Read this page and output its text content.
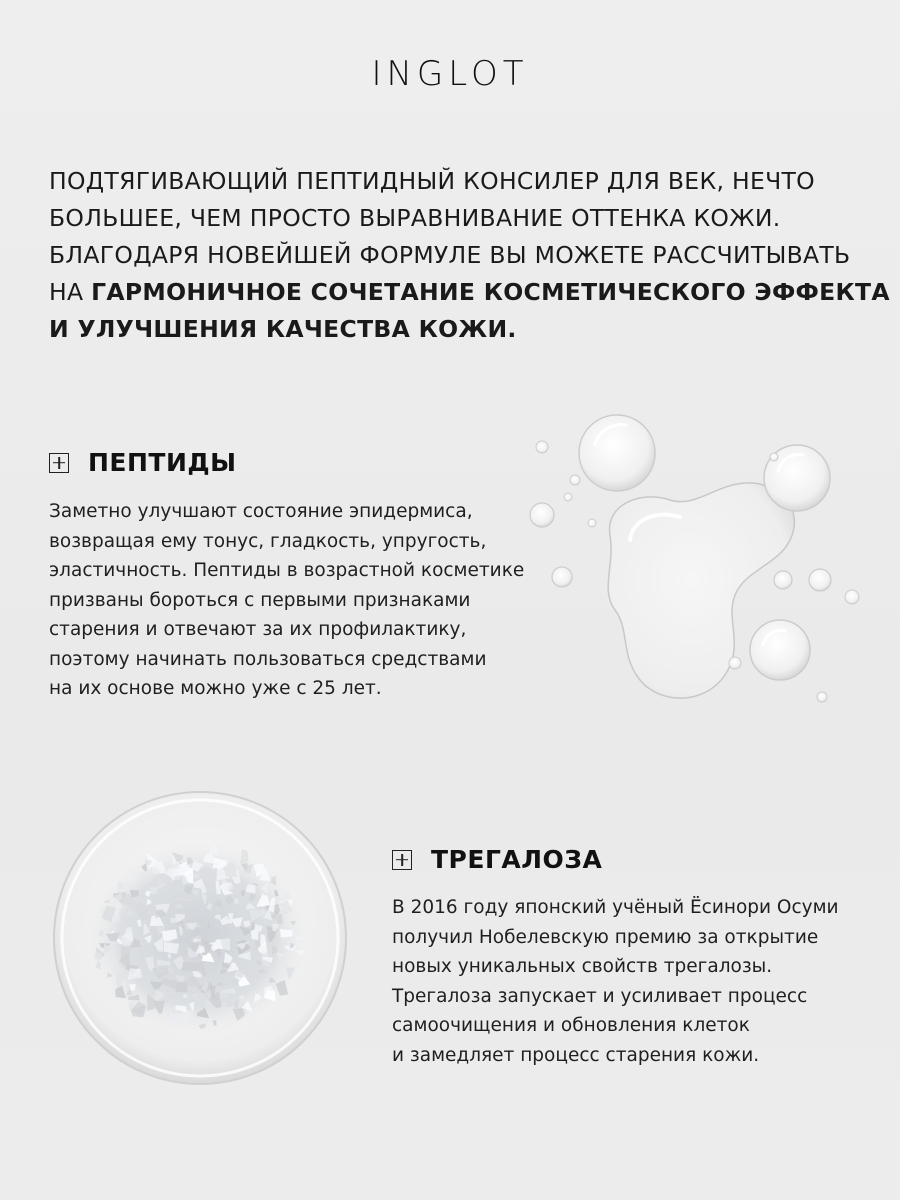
INGLOT
ПОДТЯГИВАЮЩИЙ ПЕПТИДНЫЙ КОНСИЛЕР ДЛЯ ВЕК, НЕЧТО
БОЛЬШЕЕ, ЧЕМ ПРОСТО ВЫРАВНИВАНИЕ ОТТЕНКА КОЖИ.
БЛАГОДАРЯ НОВЕЙШЕЙ ФОРМУЛЕ ВЫ МОЖЕТЕ РАССЧИТЫВАТЬ
НА ГАРМОНИЧНОЕ СОЧЕТАНИЕ КОСМЕТИЧЕСКОГО ЭФФЕКТА
И УЛУЧШЕНИЯ КАЧЕСТВА КОЖИ.
ПЕПТИДЫ
Заметно улучшают состояние эпидермиса,
возвращая ему тонус, гладкость, упругость,
эластичность. Пептиды в возрастной косметике
призваны бороться с первыми признаками
старения и отвечают за их профилактику,
поэтому начинать пользоваться средствами
на их основе можно уже с 25 лет.
ТРЕГАЛОЗА
В 2016 году японский учёный Ёсинори Осуми
получил Нобелевскую премию за открытие
новых уникальных свойств трегалозы.
Трегалоза запускает и усиливает процесс
самоочищения и обновления клеток
и замедляет процесс старения кожи.
